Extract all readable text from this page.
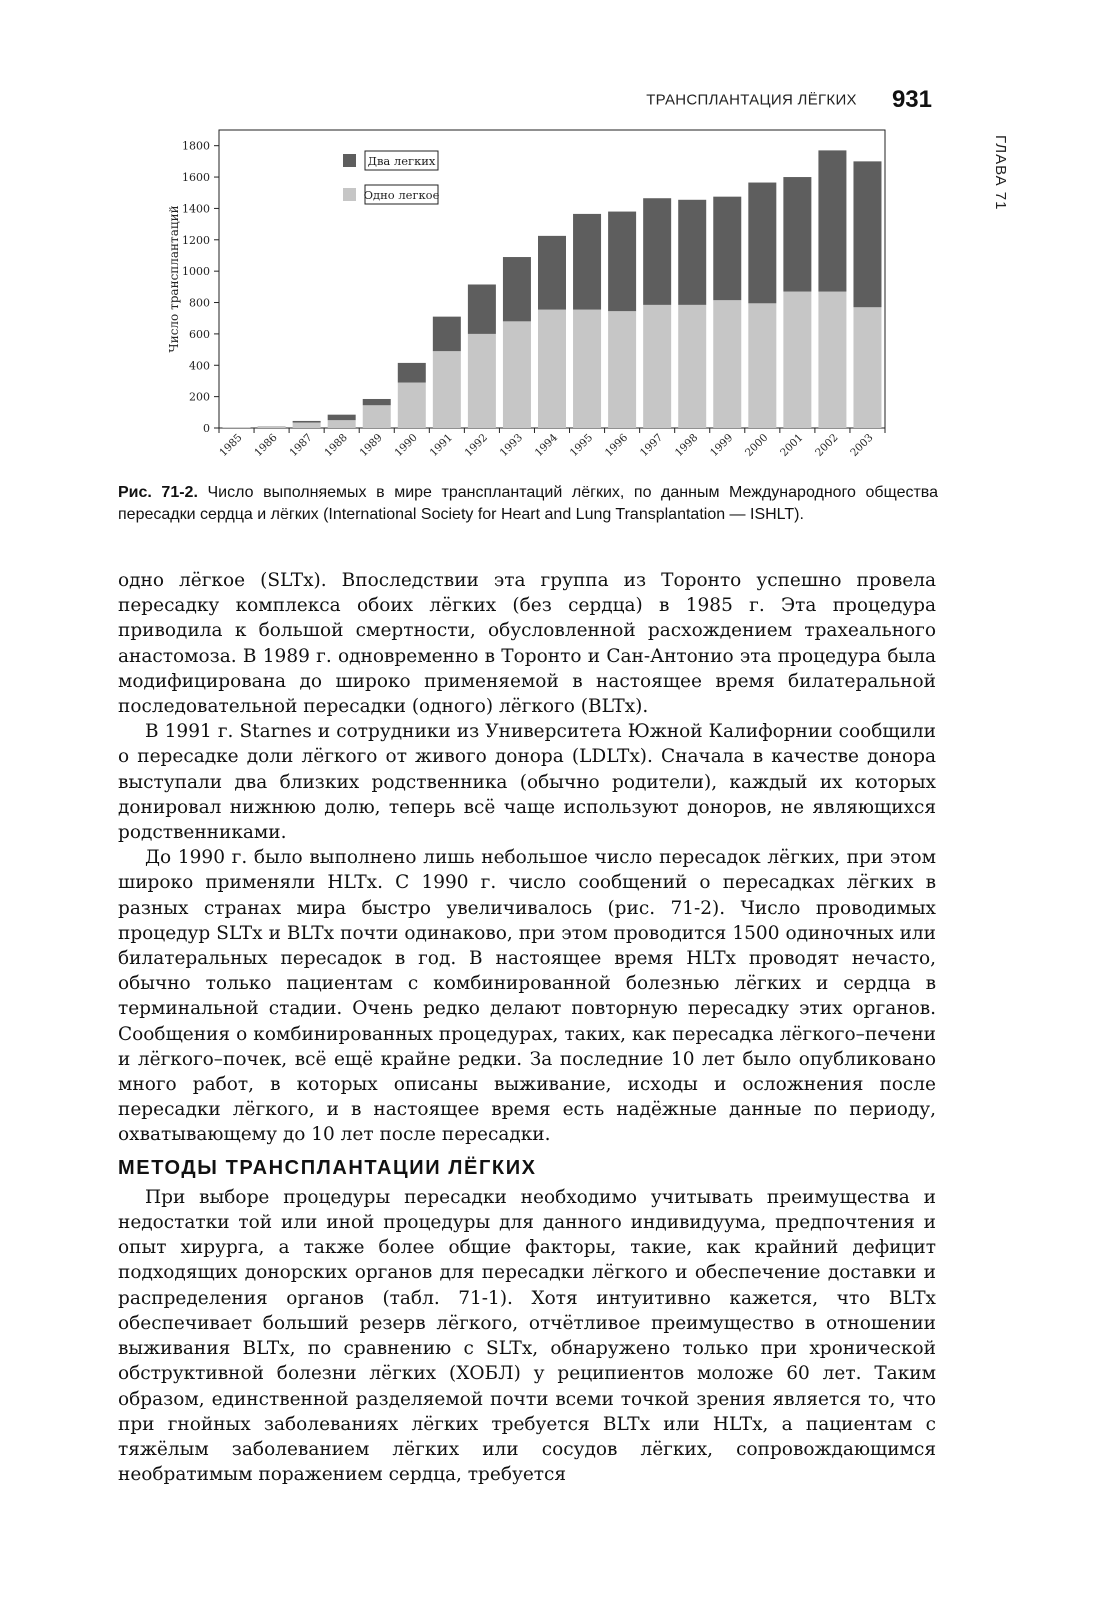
ТРАНСПЛАНТАЦИЯ ЛЁГКИХ 931
ГЛАВА 71
0
200
400
600
800
1000
1200
1400
1600
1800
Число трансплантаций
1985 1986 1987 1988 1989 1990 1991 1992 1993 1994 1995 1996 1997 1998 1999 2000 2001 2002 2003
Два легких
Одно легкое
Рис. 71-2. Число выполняемых в мире трансплантаций лёгких, по данным Международного общества пересадки сердца и лёгких (International Society for Heart and Lung Transplantation — ISHLT).

одно лёгкое (SLTx). Впоследствии эта группа из Торонто успешно провела пересадку комплекса обоих лёгких (без сердца) в 1985 г. Эта процедура приводила к большой смертности, обусловленной расхождением трахеального анастомоза. В 1989 г. одновременно в Торонто и Сан-Антонио эта процедура была модифицирована до широко применяемой в настоящее время билатеральной последовательной пересадки (одного) лёгкого (BLTx).

В 1991 г. Starnes и сотрудники из Университета Южной Калифорнии сообщили о пересадке доли лёгкого от живого донора (LDLTx). Сначала в качестве донора выступали два близких родственника (обычно родители), каждый их которых донировал нижнюю долю, теперь всё чаще используют доноров, не являющихся родственниками.

До 1990 г. было выполнено лишь небольшое число пересадок лёгких, при этом широко применяли HLTx. С 1990 г. число сообщений о пересадках лёгких в разных странах мира быстро увеличивалось (рис. 71-2). Число проводимых процедур SLTx и BLTx почти одинаково, при этом проводится 1500 одиночных или билатеральных пересадок в год. В настоящее время HLTx проводят нечасто, обычно только пациентам с комбинированной болезнью лёгких и сердца в терминальной стадии. Очень редко делают повторную пересадку этих органов. Сообщения о комбинированных процедурах, таких, как пересадка лёгкого–печени и лёгкого–почек, всё ещё крайне редки. За последние 10 лет было опубликовано много работ, в которых описаны выживание, исходы и осложнения после пересадки лёгкого, и в настоящее время есть надёжные данные по периоду, охватывающему до 10 лет после пересадки.

МЕТОДЫ ТРАНСПЛАНТАЦИИ ЛЁГКИХ

При выборе процедуры пересадки необходимо учитывать преимущества и недостатки той или иной процедуры для данного индивидуума, предпочтения и опыт хирурга, а также более общие факторы, такие, как крайний дефицит подходящих донорских органов для пересадки лёгкого и обеспечение доставки и распределения органов (табл. 71-1). Хотя интуитивно кажется, что BLTx обеспечивает больший резерв лёгкого, отчётливое преимущество в отношении выживания BLTx, по сравнению с SLTx, обнаружено только при хронической обструктивной болезни лёгких (ХОБЛ) у реципиентов моложе 60 лет. Таким образом, единственной разделяемой почти всеми точкой зрения является то, что при гнойных заболеваниях лёгких требуется BLTx или HLTx, а пациентам с тяжёлым заболеванием лёгких или сосудов лёгких, сопровождающимся необратимым поражением сердца, требуется
